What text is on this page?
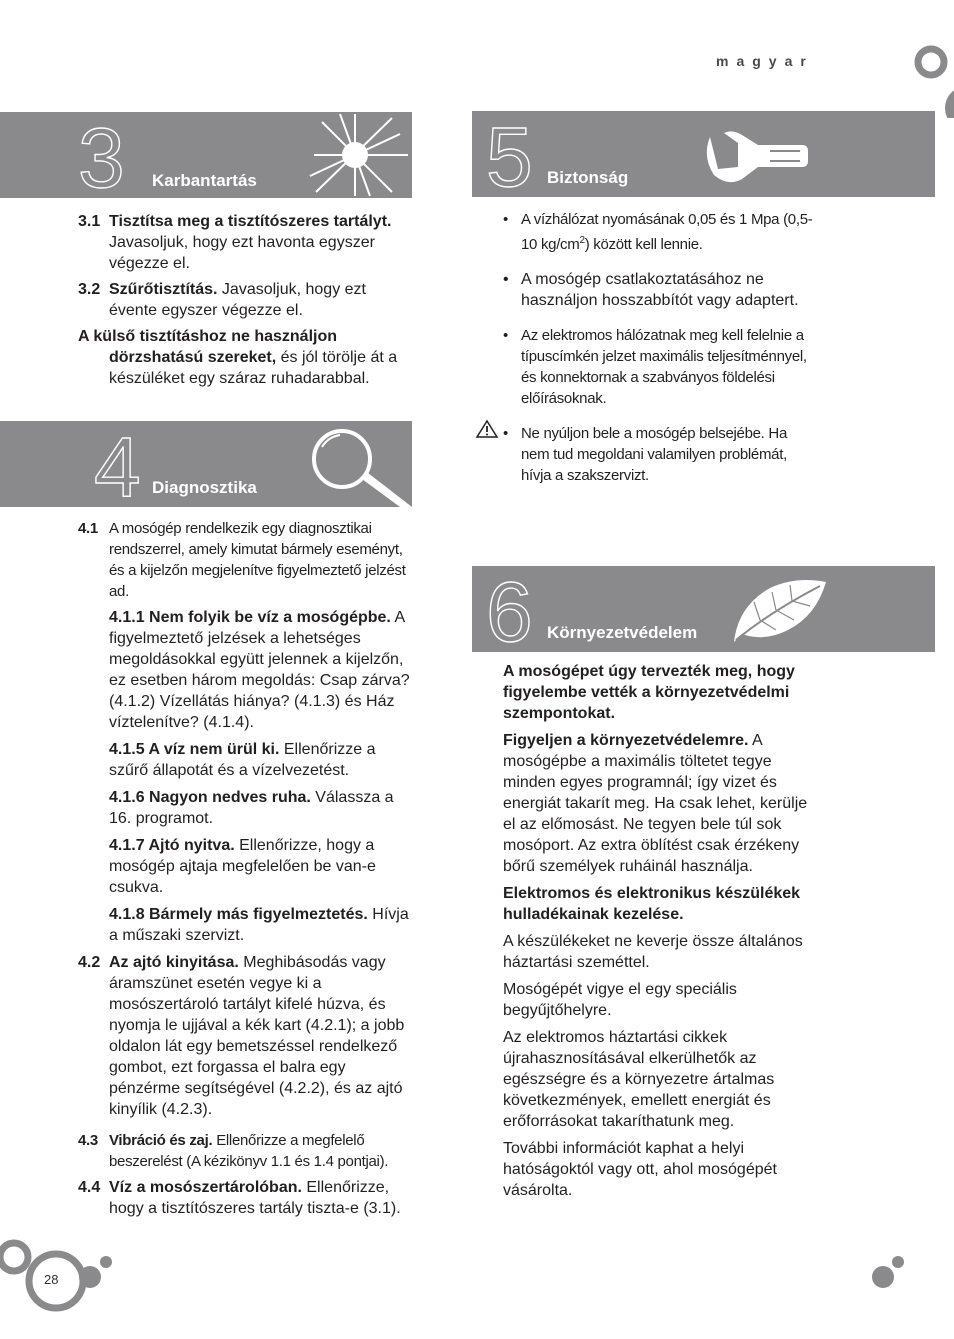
magyar
3 Karbantartás
3.1 Tisztítsa meg a tisztítószeres tartályt. Javasoljuk, hogy ezt havonta egyszer végezze el.
3.2 Szűrőtisztítás. Javasoljuk, hogy ezt évente egyszer végezze el.
A külső tisztításhoz ne használjon dörzshatású szereket, és jól törölje át a készüléket egy száraz ruhadarabbal.
4 Diagnosztika
4.1 A mosógép rendelkezik egy diagnosztikai rendszerrel, amely kimutat bármely eseményt, és a kijelzőn megjelenítve figyelmeztető jelzést ad.
4.1.1 Nem folyik be víz a mosógépbe. A figyelmeztető jelzések a lehetséges megoldásokkal együtt jelennek a kijelzőn, ez esetben három megoldás: Csap zárva? (4.1.2) Vízellátás hiánya? (4.1.3) és Ház víztelenítve? (4.1.4).
4.1.5 A víz nem ürül ki. Ellenőrizze a szűrő állapotát és a vízelvezetést.
4.1.6 Nagyon nedves ruha. Válassza a 16. programot.
4.1.7 Ajtó nyitva. Ellenőrizze, hogy a mosógép ajtaja megfelelően be van-e csukva.
4.1.8 Bármely más figyelmeztetés. Hívja a műszaki szervizt.
4.2 Az ajtó kinyitása. Meghibásodás vagy áramszünet esetén vegye ki a mosószertároló tartályt kifelé húzva, és nyomja le ujjával a kék kart (4.2.1); a jobb oldalon lát egy bemetszéssel rendelkező gombot, ezt forgassa el balra egy pénzérme segítségével (4.2.2), és az ajtó kinyílik (4.2.3).
4.3 Vibráció és zaj. Ellenőrizze a megfelelő beszerelést (A kézikönyv 1.1 és 1.4 pontjai).
4.4 Víz a mosószertárolóban. Ellenőrizze, hogy a tisztítószeres tartály tiszta-e (3.1).
5 Biztonság
• A vízhálózat nyomásának 0,05 és 1 Mpa (0,5-10 $kg/cm^2$) között kell lennie.
• A mosógép csatlakoztatásához ne használjon hosszabbítót vagy adaptert.
• Az elektromos hálózatnak meg kell felelnie a típuscímkén jelzet maximális teljesítménnyel, és konnektornak a szabványos földelési előírásoknak.
• Ne nyúljon bele a mosógép belsejébe. Ha nem tud megoldani valamilyen problémát, hívja a szakszervizt.
6 Környezetvédelem
A mosógépet úgy tervezték meg, hogy figyelembe vették a környezetvédelmi szempontokat.
Figyeljen a környezetvédelemre. A mosógépbe a maximális töltetet tegye minden egyes programnál; így vizet és energiát takarít meg. Ha csak lehet, kerülje el az előmosást. Ne tegyen bele túl sok mosóport. Az extra öblítést csak érzékeny bőrű személyek ruháinál használja.
Elektromos és elektronikus készülékek hulladékainak kezelése.
A készülékeket ne keverje össze általános háztartási szeméttel.
Mosógépét vigye el egy speciális begyűjtőhelyre.
Az elektromos háztartási cikkek újrahasznosításával elkerülhetők az egészségre és a környezetre ártalmas következmények, emellett energiát és erőforrásokat takaríthatunk meg.
További információt kaphat a helyi hatóságoktól vagy ott, ahol mosógépét vásárolta.
28
